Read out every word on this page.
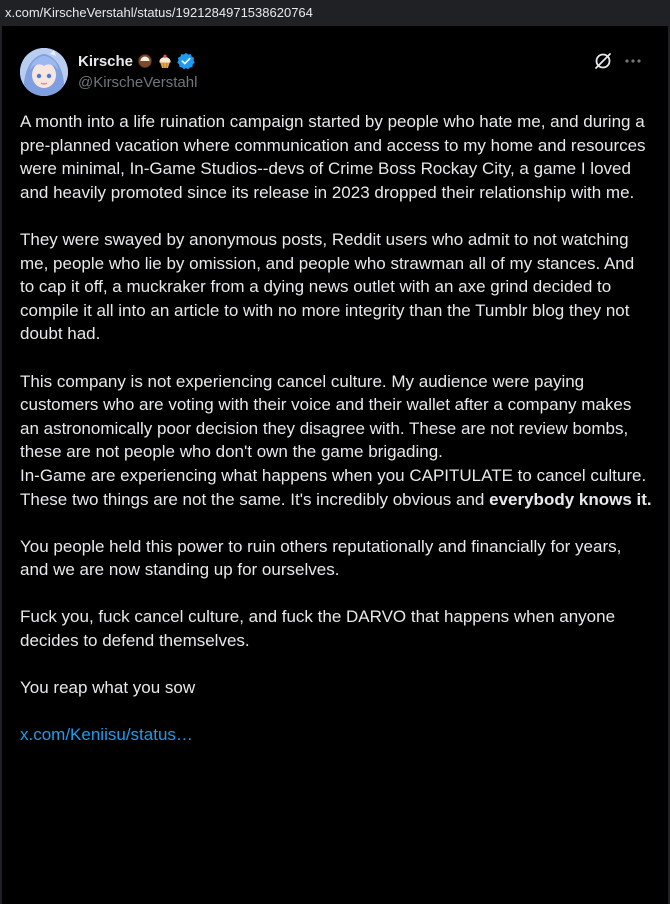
x.com/KirscheVerstahl/status/1921284971538620764
Kirsche
@KirscheVerstahl

A month into a life ruination campaign started by people who hate me, and during a pre-planned vacation where communication and access to my home and resources were minimal, In-Game Studios--devs of Crime Boss Rockay City, a game I loved and heavily promoted since its release in 2023 dropped their relationship with me.

They were swayed by anonymous posts, Reddit users who admit to not watching me, people who lie by omission, and people who strawman all of my stances. And to cap it off, a muckraker from a dying news outlet with an axe grind decided to compile it all into an article to with no more integrity than the Tumblr blog they not doubt had.

This company is not experiencing cancel culture. My audience were paying customers who are voting with their voice and their wallet after a company makes an astronomically poor decision they disagree with. These are not review bombs, these are not people who don't own the game brigading.

In-Game are experiencing what happens when you CAPITULATE to cancel culture. These two things are not the same. It's incredibly obvious and everybody knows it.

You people held this power to ruin others reputationally and financially for years, and we are now standing up for ourselves.

Fuck you, fuck cancel culture, and fuck the DARVO that happens when anyone decides to defend themselves.

You reap what you sow

x.com/Keniisu/status…
